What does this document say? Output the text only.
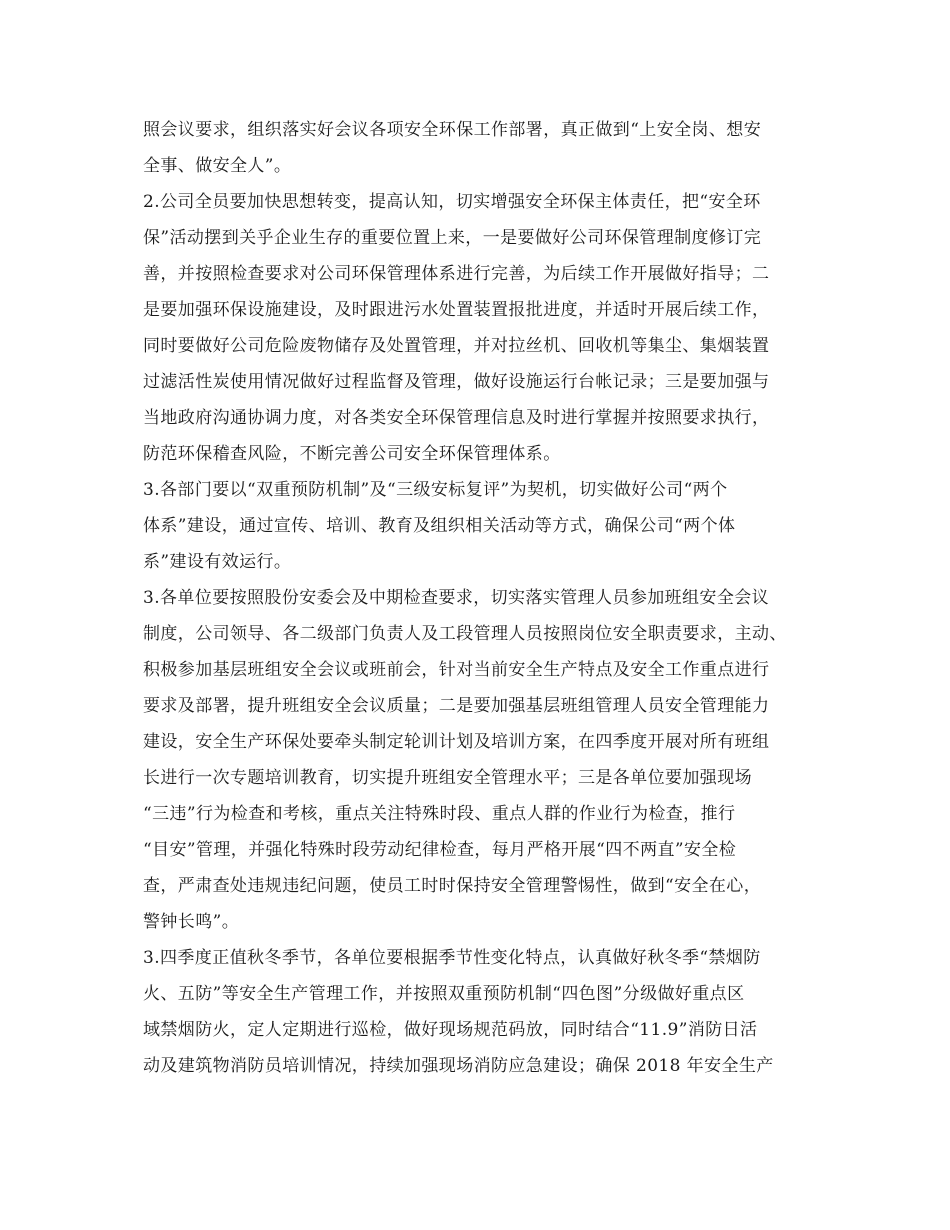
照会议要求，组织落实好会议各项安全环保工作部署，真正做到“上安全岗、想安
全事、做安全人”。
2.公司全员要加快思想转变，提高认知，切实增强安全环保主体责任，把“安全环
保”活动摆到关乎企业生存的重要位置上来，一是要做好公司环保管理制度修订完
善，并按照检查要求对公司环保管理体系进行完善，为后续工作开展做好指导；二
是要加强环保设施建设，及时跟进污水处置装置报批进度，并适时开展后续工作，
同时要做好公司危险废物储存及处置管理，并对拉丝机、回收机等集尘、集烟装置
过滤活性炭使用情况做好过程监督及管理，做好设施运行台帐记录；三是要加强与
当地政府沟通协调力度，对各类安全环保管理信息及时进行掌握并按照要求执行，
防范环保稽查风险，不断完善公司安全环保管理体系。
3.各部门要以“双重预防机制”及“三级安标复评”为契机，切实做好公司“两个
体系”建设，通过宣传、培训、教育及组织相关活动等方式，确保公司“两个体
系”建设有效运行。
3.各单位要按照股份安委会及中期检查要求，切实落实管理人员参加班组安全会议
制度，公司领导、各二级部门负责人及工段管理人员按照岗位安全职责要求，主动、
积极参加基层班组安全会议或班前会，针对当前安全生产特点及安全工作重点进行
要求及部署，提升班组安全会议质量；二是要加强基层班组管理人员安全管理能力
建设，安全生产环保处要牵头制定轮训计划及培训方案，在四季度开展对所有班组
长进行一次专题培训教育，切实提升班组安全管理水平；三是各单位要加强现场
“三违”行为检查和考核，重点关注特殊时段、重点人群的作业行为检查，推行
“目安”管理，并强化特殊时段劳动纪律检查，每月严格开展“四不两直”安全检
查，严肃查处违规违纪问题，使员工时时保持安全管理警惕性，做到“安全在心，
警钟长鸣”。
3.四季度正值秋冬季节，各单位要根据季节性变化特点，认真做好秋冬季“禁烟防
火、五防”等安全生产管理工作，并按照双重预防机制“四色图”分级做好重点区
域禁烟防火，定人定期进行巡检，做好现场规范码放，同时结合“11.9”消防日活
动及建筑物消防员培训情况，持续加强现场消防应急建设；确保 2018 年安全生产
